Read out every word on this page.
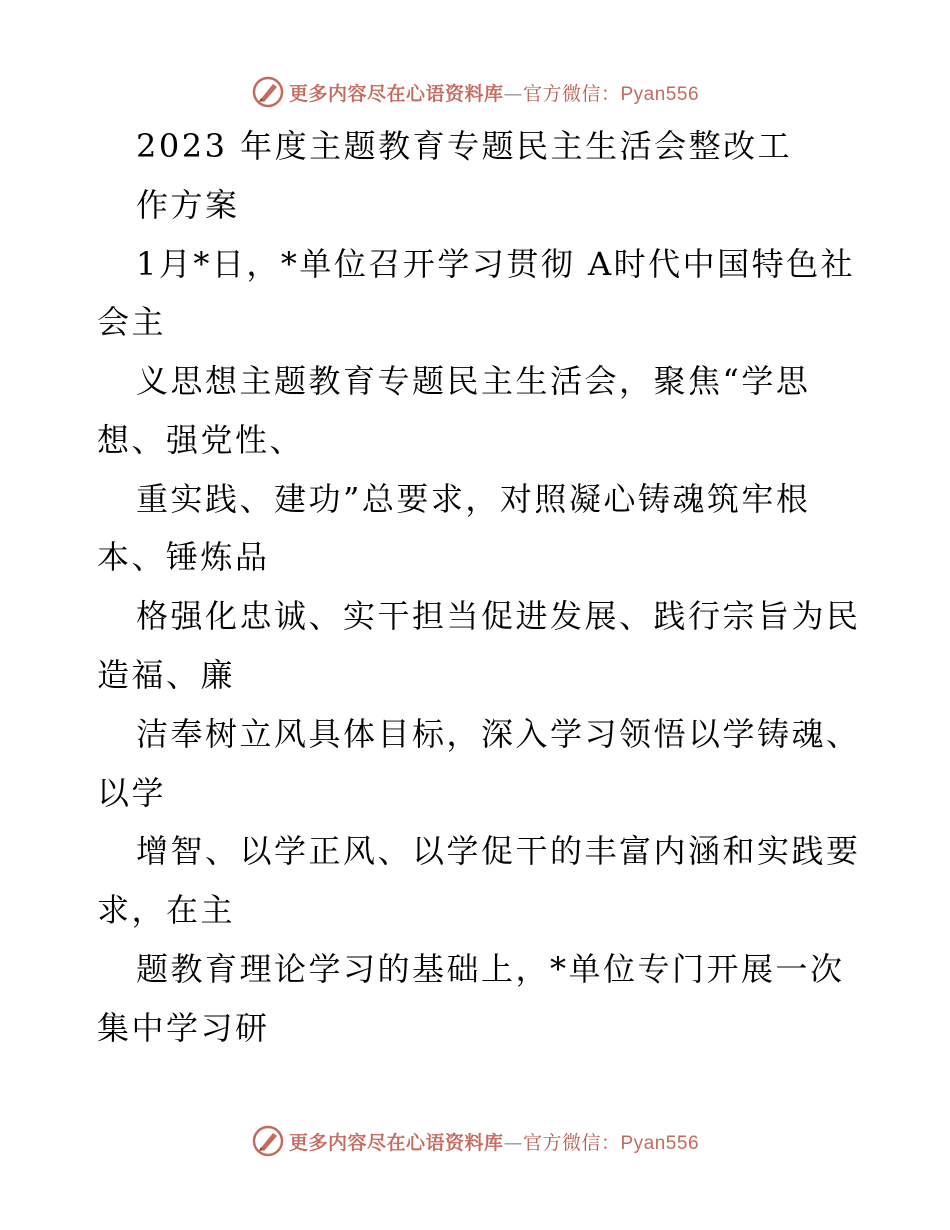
更多内容尽在心语资料库—官方微信：Pyan556
2023 年度主题教育专题民主生活会整改工
作方案
1月*日，*单位召开学习贯彻 A时代中国特色社
会主
义思想主题教育专题民主生活会，聚焦“学思
想、强党性、
重实践、建功”总要求，对照凝心铸魂筑牢根
本、锤炼品
格强化忠诚、实干担当促进发展、践行宗旨为民
造福、廉
洁奉树立风具体目标，深入学习领悟以学铸魂、
以学
增智、以学正风、以学促干的丰富内涵和实践要
求，在主
题教育理论学习的基础上，*单位专门开展一次
集中学习研
更多内容尽在心语资料库—官方微信：Pyan556
